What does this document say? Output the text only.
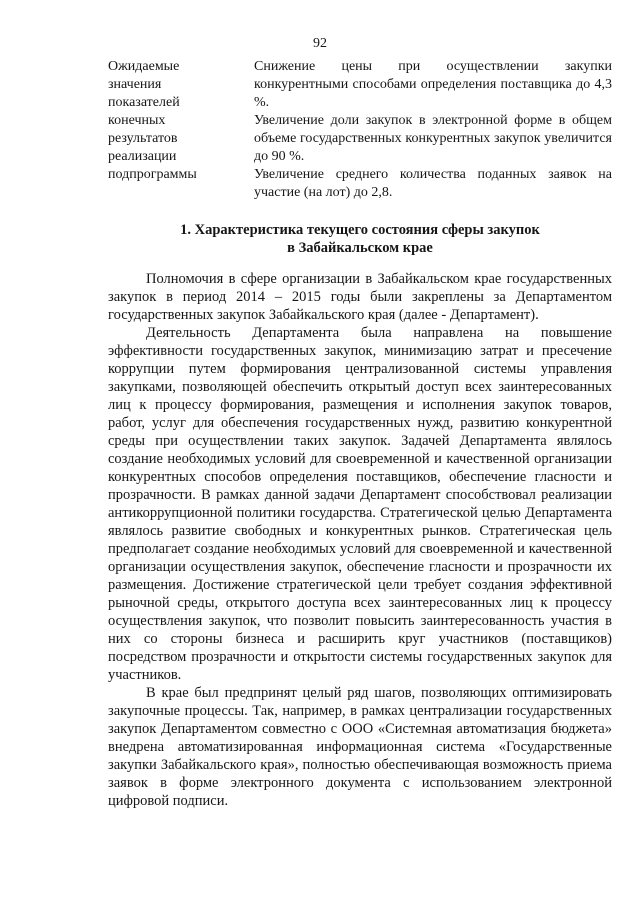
92
Ожидаемые
значения
показателей
конечных
результатов
реализации
подпрограммы

Снижение цены при осуществлении закупки конкурентными способами определения поставщика до 4,3 %.

Увеличение доли закупок в электронной форме в общем объеме государственных конкурентных закупок увеличится до 90 %.

Увеличение среднего количества поданных заявок на участие (на лот) до 2,8.

1. Характеристика текущего состояния сферы закупок
в Забайкальском крае

Полномочия в сфере организации в Забайкальском крае государственных закупок в период 2014 – 2015 годы были закреплены за Департаментом государственных закупок Забайкальского края (далее - Департамент).

Деятельность Департамента была направлена на повышение эффективности государственных закупок, минимизацию затрат и пресечение коррупции путем формирования централизованной системы управления закупками, позволяющей обеспечить открытый доступ всех заинтересованных лиц к процессу формирования, размещения и исполнения закупок товаров, работ, услуг для обеспечения государственных нужд, развитию конкурентной среды при осуществлении таких закупок. Задачей Департамента являлось создание необходимых условий для своевременной и качественной организации конкурентных способов определения поставщиков, обеспечение гласности и прозрачности. В рамках данной задачи Департамент способствовал реализации антикоррупционной политики государства. Стратегической целью Департамента являлось развитие свободных и конкурентных рынков. Стратегическая цель предполагает создание необходимых условий для своевременной и качественной организации осуществления закупок, обеспечение гласности и прозрачности их размещения. Достижение стратегической цели требует создания эффективной рыночной среды, открытого доступа всех заинтересованных лиц к процессу осуществления закупок, что позволит повысить заинтересованность участия в них со стороны бизнеса и расширить круг участников (поставщиков) посредством прозрачности и открытости системы государственных закупок для участников.

В крае был предпринят целый ряд шагов, позволяющих оптимизировать закупочные процессы. Так, например, в рамках централизации государственных закупок Департаментом совместно с ООО «Системная автоматизация бюджета» внедрена автоматизированная информационная система «Государственные закупки Забайкальского края», полностью обеспечивающая возможность приема заявок в форме электронного документа с использованием электронной цифровой подписи.
